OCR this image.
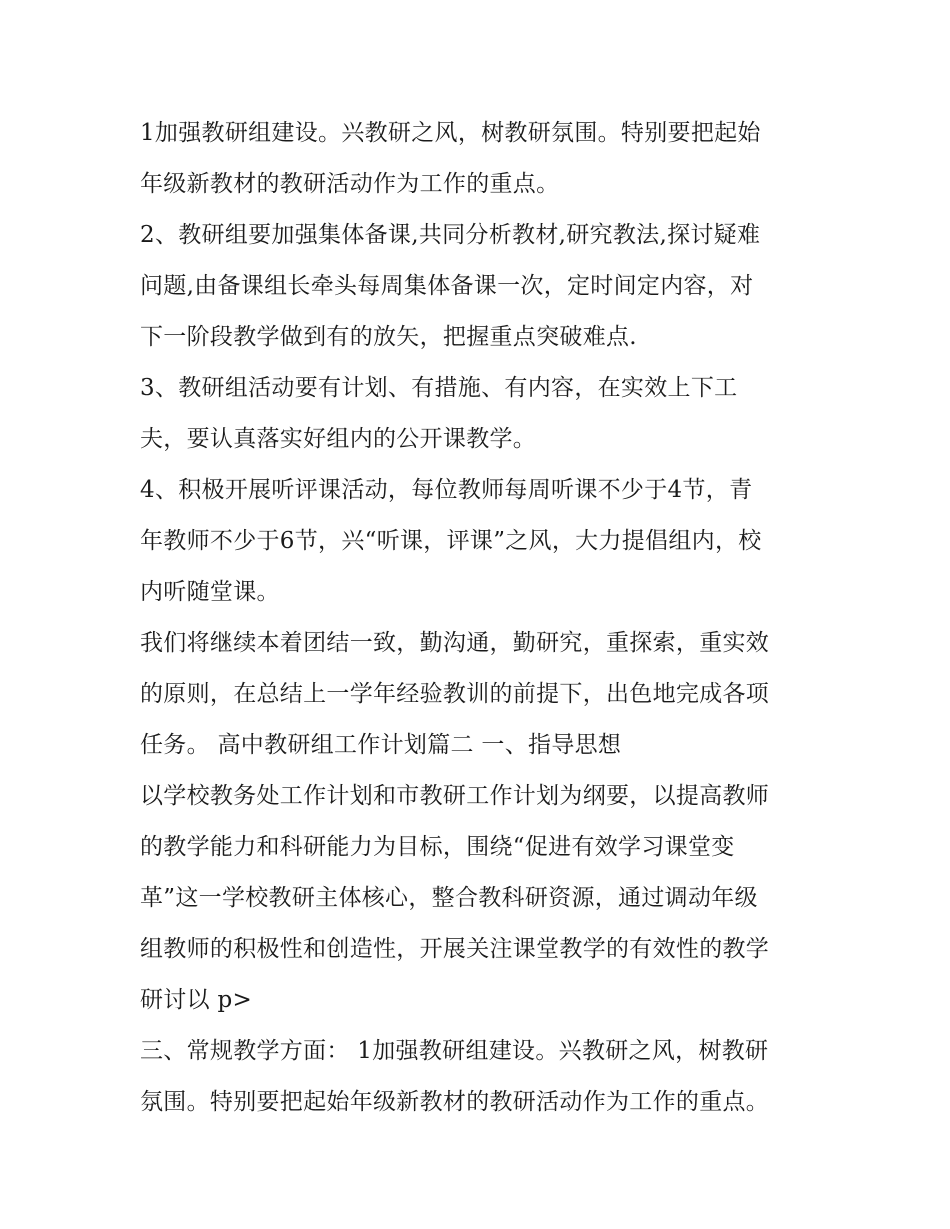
1加强教研组建设。兴教研之风，树教研氛围。特别要把起始
年级新教材的教研活动作为工作的重点。
2、教研组要加强集体备课,共同分析教材,研究教法,探讨疑难
问题,由备课组长牵头每周集体备课一次，定时间定内容，对
下一阶段教学做到有的放矢，把握重点突破难点.
3、教研组活动要有计划、有措施、有内容，在实效上下工
夫，要认真落实好组内的公开课教学。
4、积极开展听评课活动，每位教师每周听课不少于4节，青
年教师不少于6节，兴“听课，评课”之风，大力提倡组内，校
内听随堂课。
我们将继续本着团结一致，勤沟通，勤研究，重探索，重实效
的原则，在总结上一学年经验教训的前提下，出色地完成各项
任务。 高中教研组工作计划篇二 一、指导思想
以学校教务处工作计划和市教研工作计划为纲要，以提高教师
的教学能力和科研能力为目标，围绕“促进有效学习课堂变
革”这一学校教研主体核心，整合教科研资源，通过调动年级
组教师的积极性和创造性，开展关注课堂教学的有效性的教学
研讨以 p>
三、常规教学方面： 1加强教研组建设。兴教研之风，树教研
氛围。特别要把起始年级新教材的教研活动作为工作的重点。
